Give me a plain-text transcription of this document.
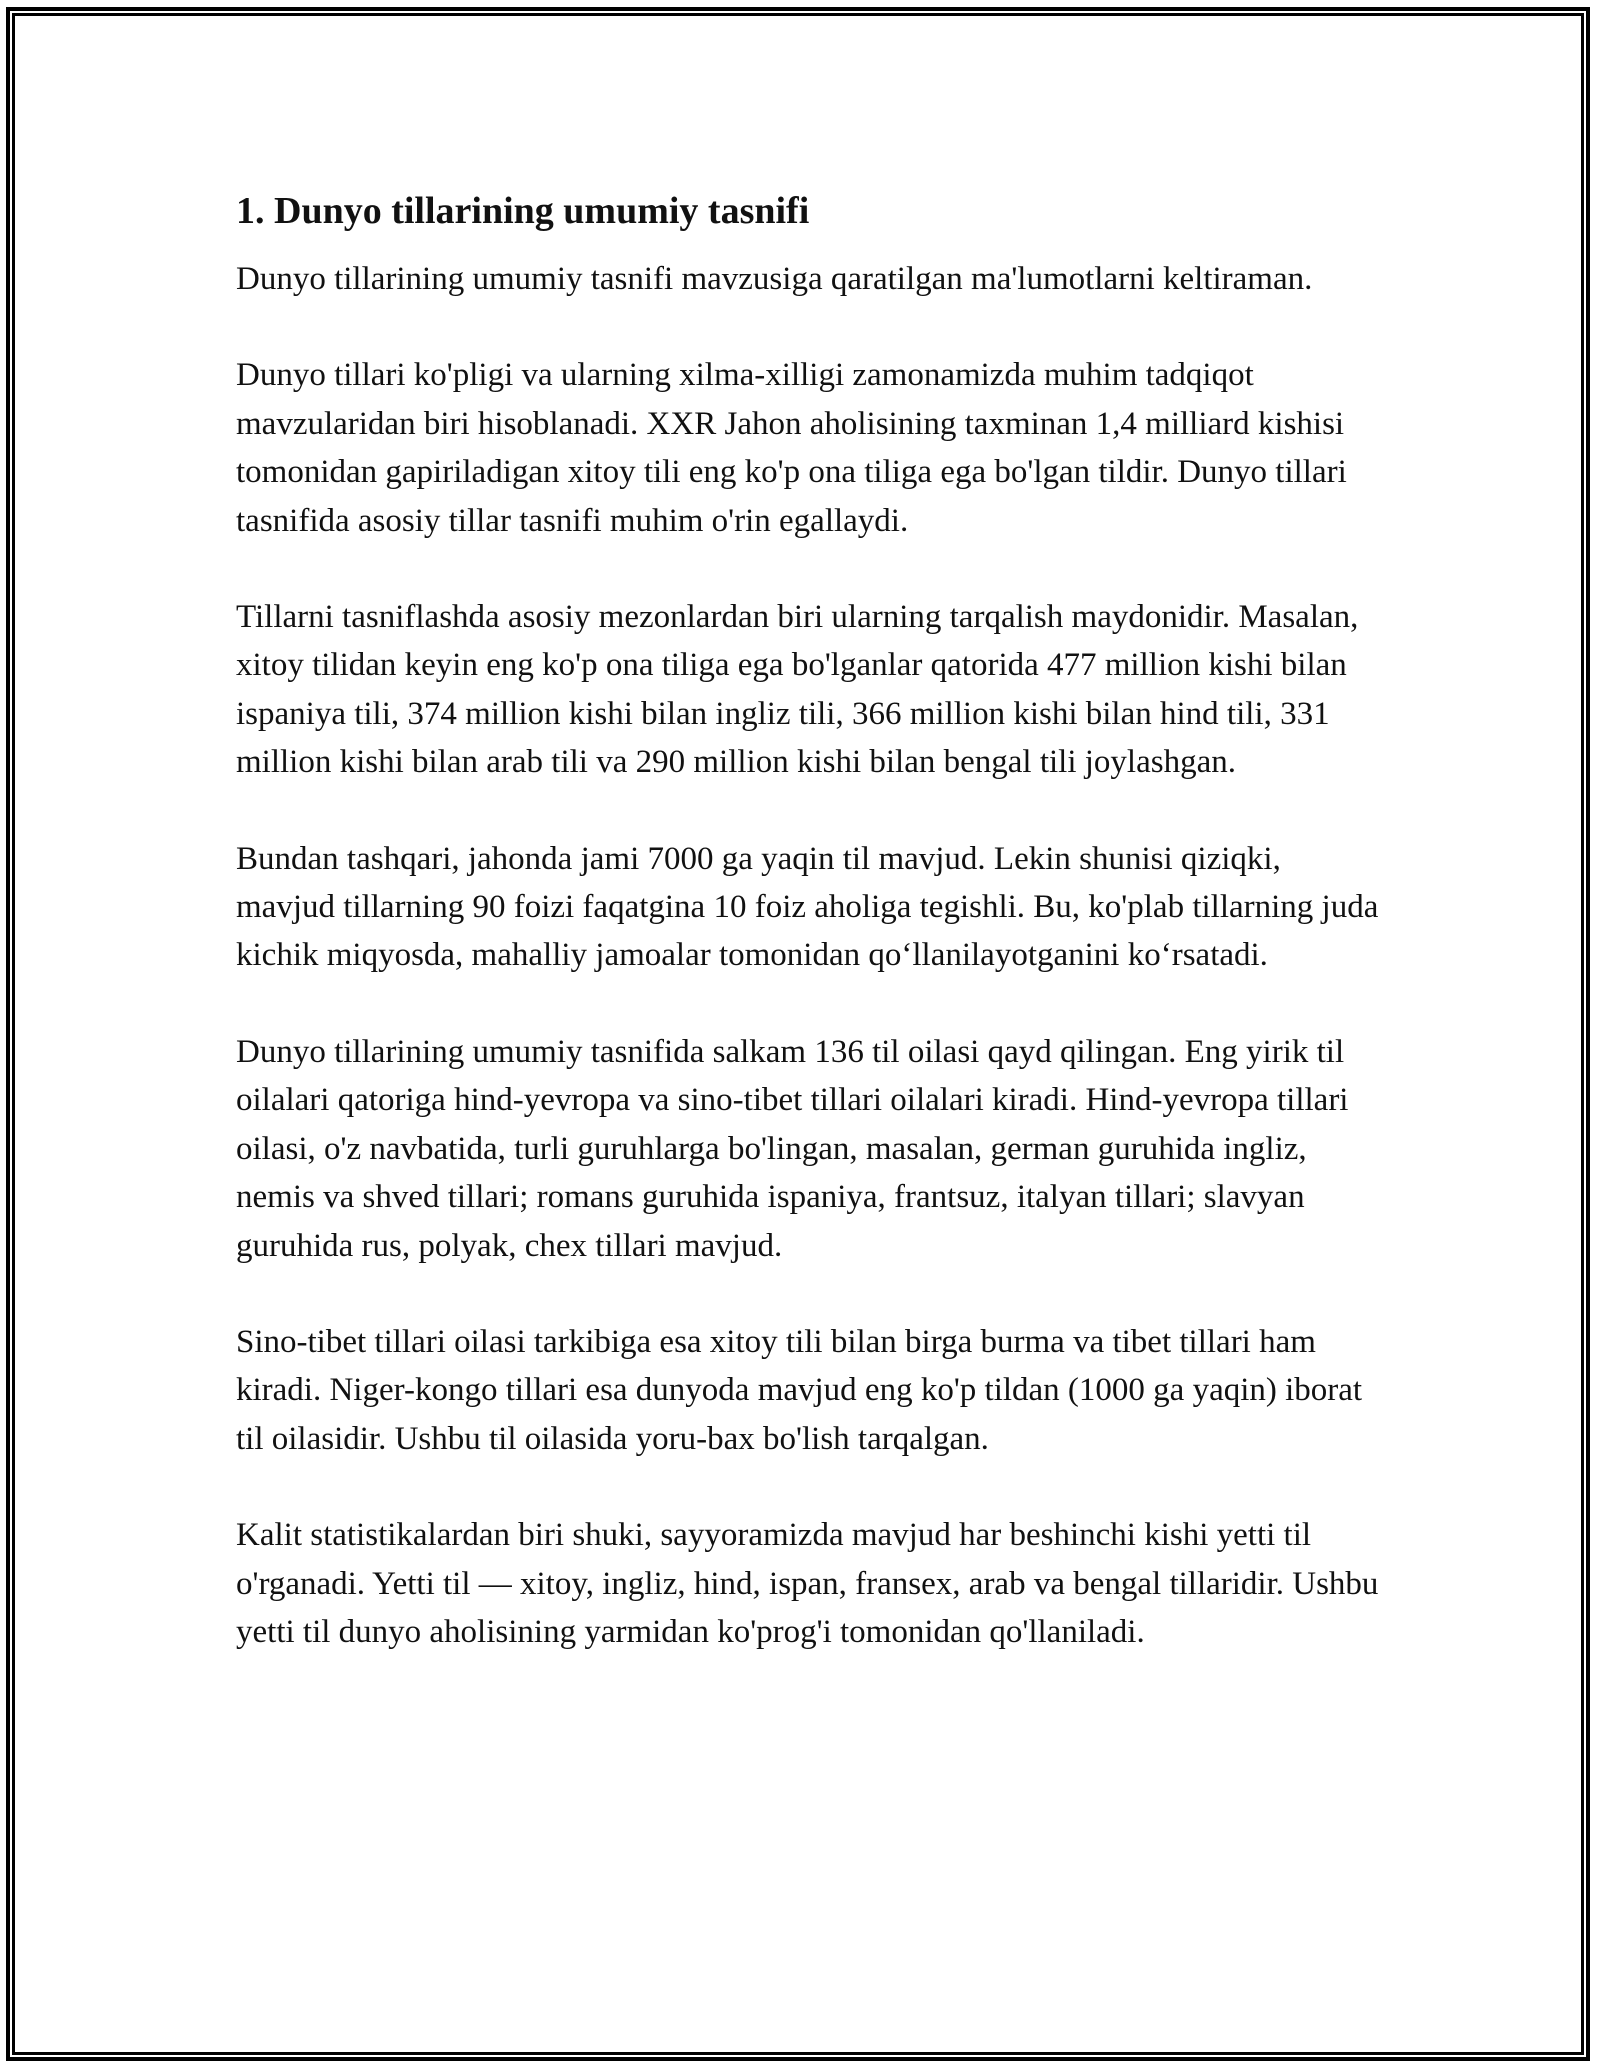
1. Dunyo tillarining umumiy tasnifi

Dunyo tillarining umumiy tasnifi mavzusiga qaratilgan ma'lumotlarni keltiraman.

Dunyo tillari ko'pligi va ularning xilma-xilligi zamonamizda muhim tadqiqot mavzularidan biri hisoblanadi. XXR Jahon aholisining taxminan 1,4 milliard kishisi tomonidan gapiriladigan xitoy tili eng ko'p ona tiliga ega bo'lgan tildir. Dunyo tillari tasnifida asosiy tillar tasnifi muhim o'rin egallaydi.

Tillarni tasniflashda asosiy mezonlardan biri ularning tarqalish maydonidir. Masalan, xitoy tilidan keyin eng ko'p ona tiliga ega bo'lganlar qatorida 477 million kishi bilan ispaniya tili, 374 million kishi bilan ingliz tili, 366 million kishi bilan hind tili, 331 million kishi bilan arab tili va 290 million kishi bilan bengal tili joylashgan.

Bundan tashqari, jahonda jami 7000 ga yaqin til mavjud. Lekin shunisi qiziqki, mavjud tillarning 90 foizi faqatgina 10 foiz aholiga tegishli. Bu, ko'plab tillarning juda kichik miqyosda, mahalliy jamoalar tomonidan qo‘llanilayotganini ko‘rsatadi.

Dunyo tillarining umumiy tasnifida salkam 136 til oilasi qayd qilingan. Eng yirik til oilalari qatoriga hind-yevropa va sino-tibet tillari oilalari kiradi. Hind-yevropa tillari oilasi, o'z navbatida, turli guruhlarga bo'lingan, masalan, german guruhida ingliz, nemis va shved tillari; romans guruhida ispaniya, frantsuz, italyan tillari; slavyan guruhida rus, polyak, chex tillari mavjud.

Sino-tibet tillari oilasi tarkibiga esa xitoy tili bilan birga burma va tibet tillari ham kiradi. Niger-kongo tillari esa dunyoda mavjud eng ko'p tildan (1000 ga yaqin) iborat til oilasidir. Ushbu til oilasida yoru-bax bo'lish tarqalgan.

Kalit statistikalardan biri shuki, sayyoramizda mavjud har beshinchi kishi yetti til o'rganadi. Yetti til — xitoy, ingliz, hind, ispan, fransex, arab va bengal tillaridir. Ushbu yetti til dunyo aholisining yarmidan ko'prog'i tomonidan qo'llaniladi.
